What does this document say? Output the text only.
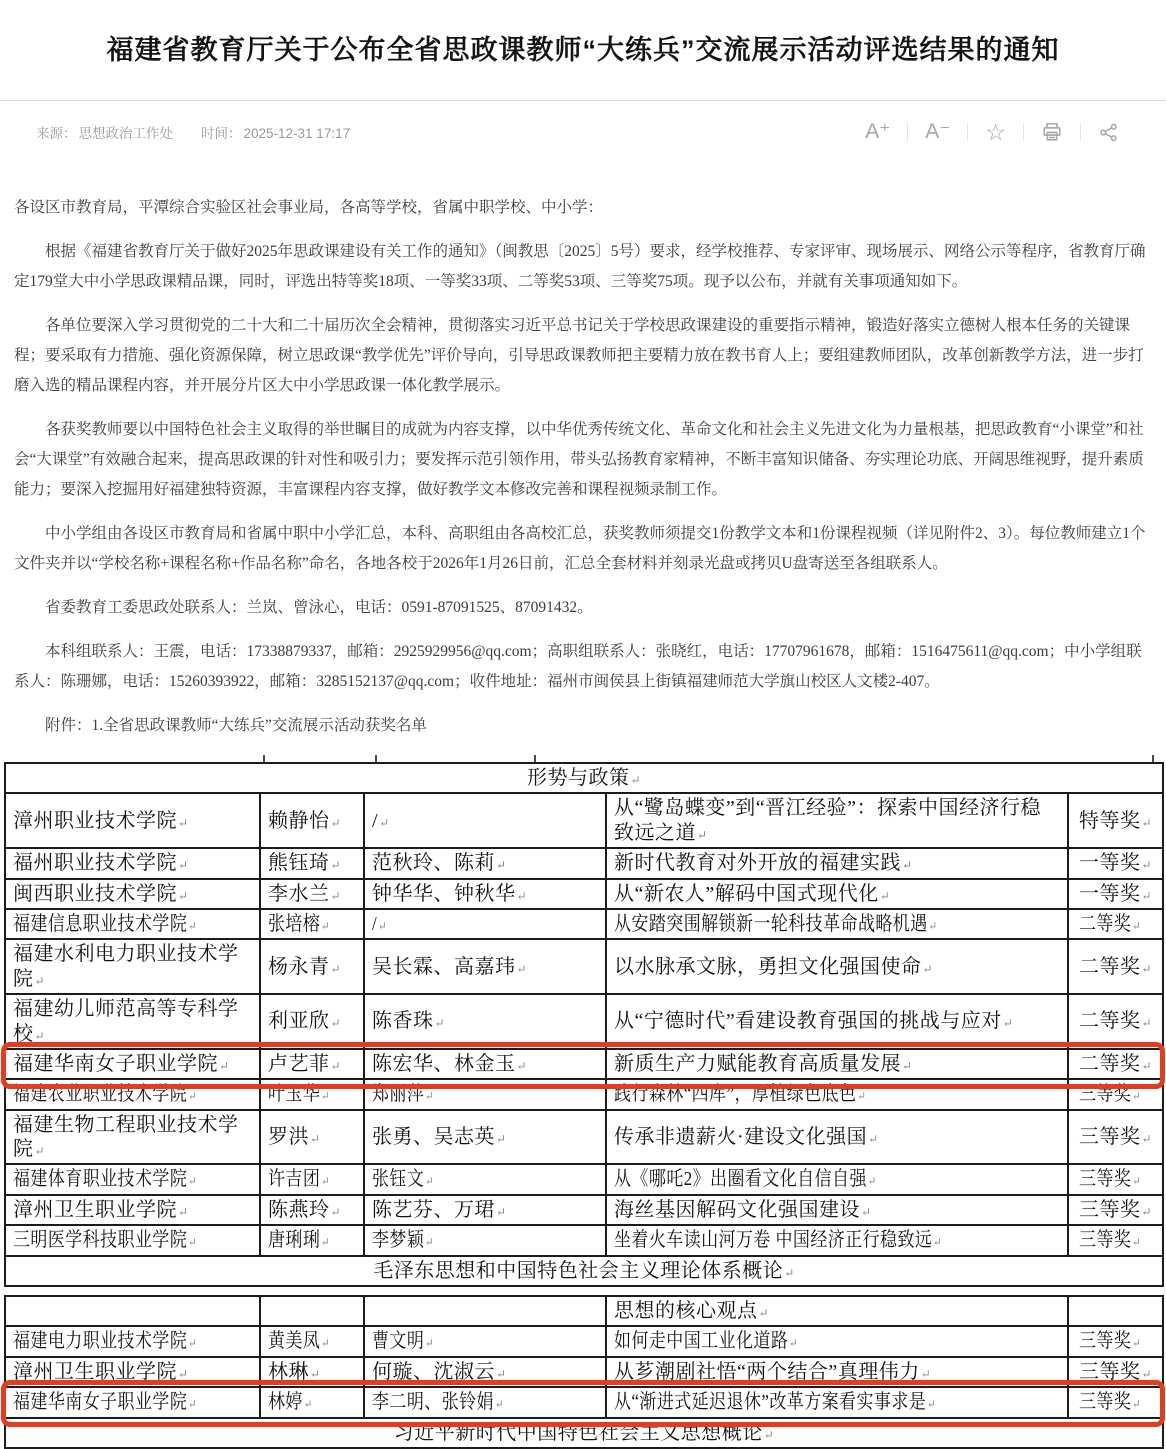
福建省教育厅关于公布全省思政课教师“大练兵”交流展示活动评选结果的通知
来源： 思想政治工作处 时间： 2025-12-31 17:17	A⁺	A⁻	☆

各设区市教育局，平潭综合实验区社会事业局，各高等学校，省属中职学校、中小学：

根据《福建省教育厅关于做好2025年思政课建设有关工作的通知》（闽教思〔2025〕5号）要求，经学校推荐、专家评审、现场展示、网络公示等程序，省教育厅确定179堂大中小学思政课精品课，同时，评选出特等奖18项、一等奖33项、二等奖53项、三等奖75项。现予以公布，并就有关事项通知如下。

各单位要深入学习贯彻党的二十大和二十届历次全会精神，贯彻落实习近平总书记关于学校思政课建设的重要指示精神，锻造好落实立德树人根本任务的关键课程；要采取有力措施、强化资源保障，树立思政课“教学优先”评价导向，引导思政课教师把主要精力放在教书育人上；要组建教师团队，改革创新教学方法，进一步打磨入选的精品课程内容，并开展分片区大中小学思政课一体化教学展示。

各获奖教师要以中国特色社会主义取得的举世瞩目的成就为内容支撑，以中华优秀传统文化、革命文化和社会主义先进文化为力量根基，把思政教育“小课堂”和社会“大课堂”有效融合起来，提高思政课的针对性和吸引力；要发挥示范引领作用，带头弘扬教育家精神，不断丰富知识储备、夯实理论功底、开阔思维视野，提升素质能力；要深入挖掘用好福建独特资源，丰富课程内容支撑，做好教学文本修改完善和课程视频录制工作。

中小学组由各设区市教育局和省属中职中小学汇总，本科、高职组由各高校汇总，获奖教师须提交1份教学文本和1份课程视频（详见附件2、3）。每位教师建立1个文件夹并以“学校名称+课程名称+作品名称”命名，各地各校于2026年1月26日前，汇总全套材料并刻录光盘或拷贝U盘寄送至各组联系人。

省委教育工委思政处联系人：兰岚、曾泳心，电话：0591-87091525、87091432。

本科组联系人：王震，电话：17338879337，邮箱：2925929956@qq.com；高职组联系人：张晓红，电话：17707961678，邮箱：1516475611@qq.com；中小学组联系人：陈珊娜，电话：15260393922，邮箱：3285152137@qq.com；收件地址：福州市闽侯县上街镇福建师范大学旗山校区人文楼2-407。

附件：1.全省思政课教师“大练兵”交流展示活动获奖名单

形势与政策 ↵
漳州职业技术学院 ↵	赖静怡 ↵	/ ↵	从“鹭岛蝶变”到“晋江经验”：探索中国经济行稳致远之道 ↵	特等奖 ↵
福州职业技术学院 ↵	熊钰琦 ↵	范秋玲、陈莉 ↵	新时代教育对外开放的福建实践 ↵	一等奖 ↵
闽西职业技术学院 ↵	李水兰 ↵	钟华华、钟秋华 ↵	从“新农人”解码中国式现代化 ↵	一等奖 ↵
福建信息职业技术学院 ↵	张培榕 ↵	/ ↵	从安踏突围解锁新一轮科技革命战略机遇 ↵	二等奖 ↵
福建水利电力职业技术学院 ↵	杨永青 ↵	吴长霖、高嘉玮 ↵	以水脉承文脉，勇担文化强国使命 ↵	二等奖 ↵
福建幼儿师范高等专科学校 ↵	利亚欣 ↵	陈香珠 ↵	从“宁德时代”看建设教育强国的挑战与应对 ↵	二等奖 ↵
福建华南女子职业学院 ↵	卢艺菲 ↵	陈宏华、林金玉 ↵	新质生产力赋能教育高质量发展 ↵	二等奖 ↵
福建农业职业技术学院 ↵	叶玉华 ↵	郑丽萍 ↵	践行森林“四库”，厚植绿色底色 ↵	三等奖 ↵
福建生物工程职业技术学院 ↵	罗洪 ↵	张勇、吴志英 ↵	传承非遗薪火·建设文化强国 ↵	三等奖 ↵
福建体育职业技术学院 ↵	许吉团 ↵	张钰文 ↵	从《哪吒2》出圈看文化自信自强 ↵	三等奖 ↵
漳州卫生职业学院 ↵	陈燕玲 ↵	陈艺芬、万珺 ↵	海丝基因解码文化强国建设 ↵	三等奖 ↵
三明医学科技职业学院 ↵	唐琍琍 ↵	李梦颖 ↵	坐着火车读山河万卷 中国经济正行稳致远 ↵	三等奖 ↵
毛泽东思想和中国特色社会主义理论体系概论 ↵
			思想的核心观点 ↵	
福建电力职业技术学院 ↵	黄美凤 ↵	曹文明 ↵	如何走中国工业化道路 ↵	三等奖 ↵
漳州卫生职业学院 ↵	林琳 ↵	何璇、沈淑云 ↵	从芗潮剧社悟“两个结合”真理伟力 ↵	三等奖 ↵
福建华南女子职业学院 ↵	林婷 ↵	李二明、张铃娟 ↵	从“渐进式延迟退休”改革方案看实事求是 ↵	三等奖 ↵
习近平新时代中国特色社会主义思想概论 ↵
